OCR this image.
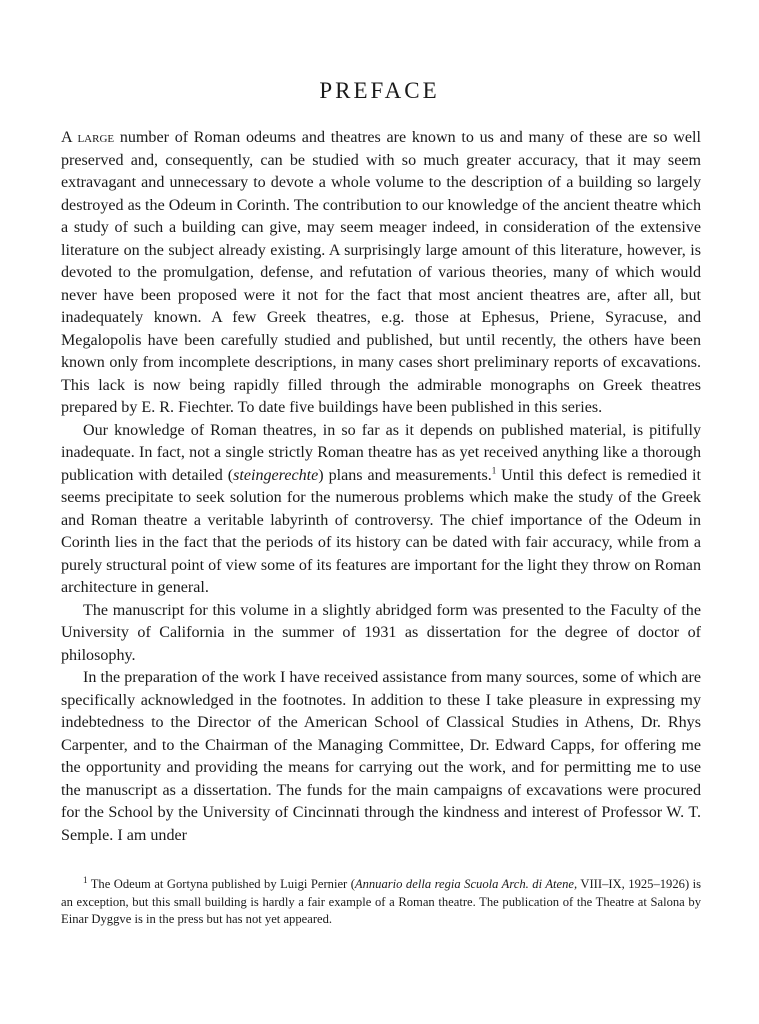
PREFACE

A large number of Roman odeums and theatres are known to us and many of these are so well preserved and, consequently, can be studied with so much greater accuracy, that it may seem extravagant and unnecessary to devote a whole volume to the description of a building so largely destroyed as the Odeum in Corinth. The contribution to our knowledge of the ancient theatre which a study of such a building can give, may seem meager indeed, in consideration of the extensive literature on the subject already existing. A surprisingly large amount of this literature, however, is devoted to the promulgation, defense, and refutation of various theories, many of which would never have been proposed were it not for the fact that most ancient theatres are, after all, but inadequately known. A few Greek theatres, e.g. those at Ephesus, Priene, Syracuse, and Megalopolis have been carefully studied and published, but until recently, the others have been known only from incomplete descriptions, in many cases short preliminary reports of excavations. This lack is now being rapidly filled through the admirable monographs on Greek theatres prepared by E. R. Fiechter. To date five buildings have been published in this series.

Our knowledge of Roman theatres, in so far as it depends on published material, is pitifully inadequate. In fact, not a single strictly Roman theatre has as yet received anything like a thorough publication with detailed (steingerechte) plans and measurements.$^1$ Until this defect is remedied it seems precipitate to seek solution for the numerous problems which make the study of the Greek and Roman theatre a veritable labyrinth of controversy. The chief importance of the Odeum in Corinth lies in the fact that the periods of its history can be dated with fair accuracy, while from a purely structural point of view some of its features are important for the light they throw on Roman architecture in general.

The manuscript for this volume in a slightly abridged form was presented to the Faculty of the University of California in the summer of 1931 as dissertation for the degree of doctor of philosophy.

In the preparation of the work I have received assistance from many sources, some of which are specifically acknowledged in the footnotes. In addition to these I take pleasure in expressing my indebtedness to the Director of the American School of Classical Studies in Athens, Dr. Rhys Carpenter, and to the Chairman of the Managing Committee, Dr. Edward Capps, for offering me the opportunity and providing the means for carrying out the work, and for permitting me to use the manuscript as a dissertation. The funds for the main campaigns of excavations were procured for the School by the University of Cincinnati through the kindness and interest of Professor W. T. Semple. I am under

$^1$ The Odeum at Gortyna published by Luigi Pernier (Annuario della regia Scuola Arch. di Atene, VIII–IX, 1925–1926) is an exception, but this small building is hardly a fair example of a Roman theatre. The publication of the Theatre at Salona by Einar Dyggve is in the press but has not yet appeared.
